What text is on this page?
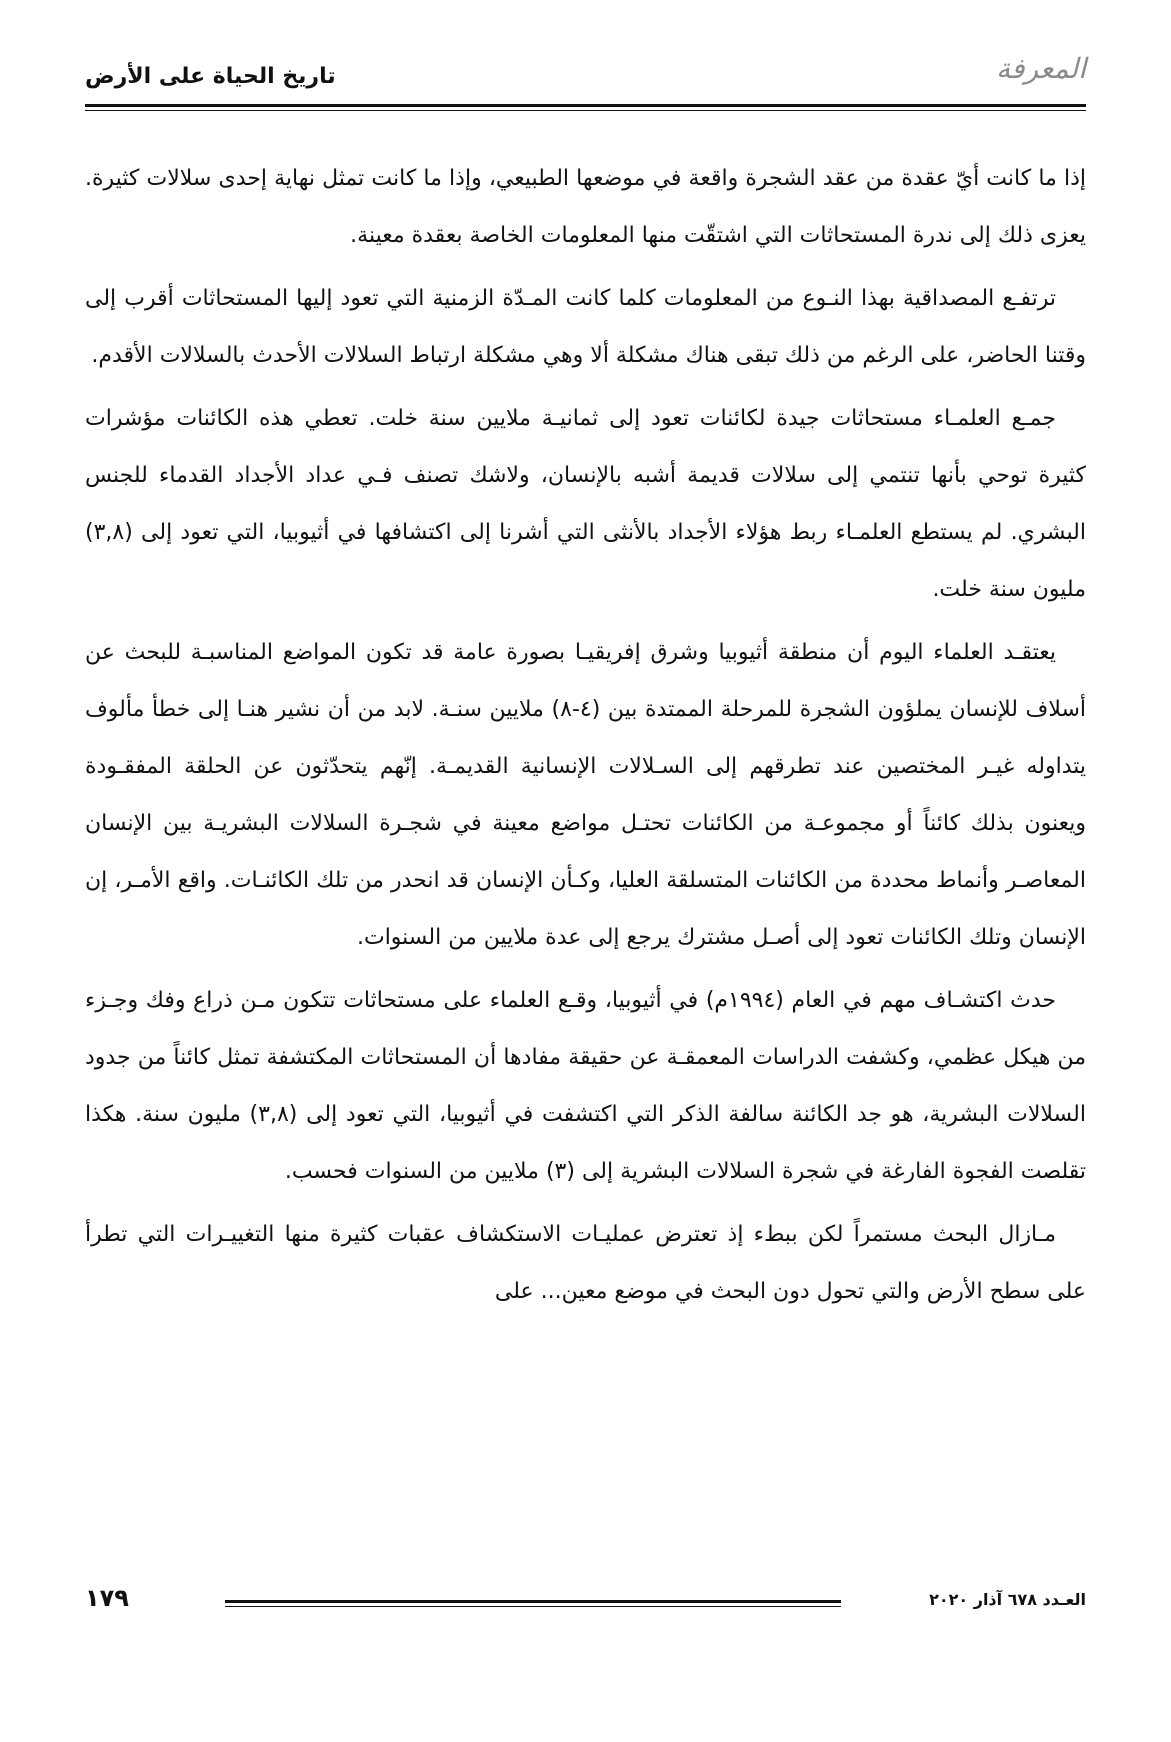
المعرفة
تاريخ الحياة على الأرض

إذا ما كانت أيّ عقدة من عقد الشجرة واقعة في موضعها الطبيعي، وإذا ما كانت تمثل نهاية إحدى سلالات كثيرة. يعزى ذلك إلى ندرة المستحاثات التي اشتقّت منها المعلومات الخاصة بعقدة معينة.

ترتفـع المصداقية بهذا النـوع من المعلومات كلما كانت المـدّة الزمنية التي تعود إليها المستحاثات أقرب إلى وقتنا الحاضر، على الرغم من ذلك تبقى هناك مشكلة ألا وهي مشكلة ارتباط السلالات الأحدث بالسلالات الأقدم.

جمـع العلمـاء مستحاثات جيدة لكائنات تعود إلى ثمانيـة ملايين سنة خلت. تعطي هذه الكائنات مؤشرات كثيرة توحي بأنها تنتمي إلى سلالات قديمة أشبه بالإنسان، ولاشك تصنف فـي عداد الأجداد القدماء للجنس البشري. لم يستطع العلمـاء ربط هؤلاء الأجداد بالأنثى التي أشرنا إلى اكتشافها في أثيوبيا، التي تعود إلى (٣,٨) مليون سنة خلت.

يعتقـد العلماء اليوم أن منطقة أثيوبيا وشرق إفريقيـا بصورة عامة قد تكون المواضع المناسبـة للبحث عن أسلاف للإنسان يملؤون الشجرة للمرحلة الممتدة بين (٤-٨) ملايين سنـة. لابد من أن نشير هنـا إلى خطأ مألوف يتداوله غيـر المختصين عند تطرقهم إلى السـلالات الإنسانية القديمـة. إنّهم يتحدّثون عن الحلقة المفقـودة ويعنون بذلك كائناً أو مجموعـة من الكائنات تحتـل مواضع معينة في شجـرة السلالات البشريـة بين الإنسان المعاصـر وأنماط محددة من الكائنات المتسلقة العليا، وكـأن الإنسان قد انحدر من تلك الكائنـات. واقع الأمـر، إن الإنسان وتلك الكائنات تعود إلى أصـل مشترك يرجع إلى عدة ملايين من السنوات.

حدث اكتشـاف مهم في العام (١٩٩٤م) في أثيوبيا، وقـع العلماء على مستحاثات تتكون مـن ذراع وفك وجـزء من هيكل عظمي، وكشفت الدراسات المعمقـة عن حقيقة مفادها أن المستحاثات المكتشفة تمثل كائناً من جدود السلالات البشرية، هو جد الكائنة سالفة الذكر التي اكتشفت في أثيوبيا، التي تعود إلى (٣,٨) مليون سنة. هكذا تقلصت الفجوة الفارغة في شجرة السلالات البشرية إلى (٣) ملايين من السنوات فحسب.

مـازال البحث مستمراً لكن ببطء إذ تعترض عمليـات الاستكشاف عقبات كثيرة منها التغييـرات التي تطرأ على سطح الأرض والتي تحول دون البحث في موضع معين... على

العـدد ٦٧٨ آذار ٢٠٢٠
١٧٩
